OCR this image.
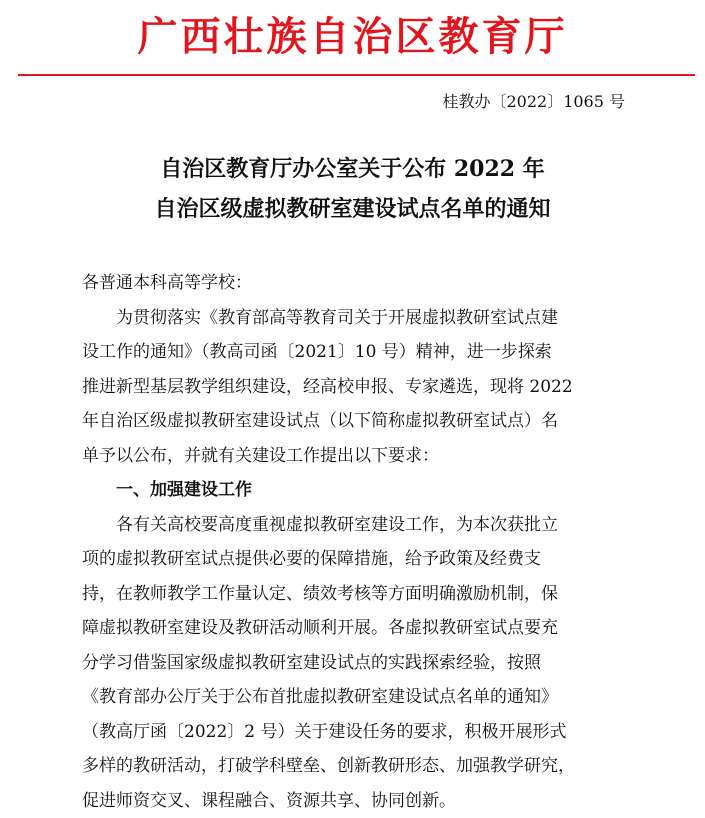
广西壮族自治区教育厅
桂教办〔2022〕1065 号
自治区教育厅办公室关于公布 2022 年
自治区级虚拟教研室建设试点名单的通知

各普通本科高等学校：

为贯彻落实《教育部高等教育司关于开展虚拟教研室试点建
设工作的通知》（教高司函〔2021〕10 号）精神，进一步探索
推进新型基层教学组织建设，经高校申报、专家遴选，现将 2022
年自治区级虚拟教研室建设试点（以下简称虚拟教研室试点）名
单予以公布，并就有关建设工作提出以下要求：

一、加强建设工作

各有关高校要高度重视虚拟教研室建设工作，为本次获批立
项的虚拟教研室试点提供必要的保障措施，给予政策及经费支
持，在教师教学工作量认定、绩效考核等方面明确激励机制，保
障虚拟教研室建设及教研活动顺利开展。各虚拟教研室试点要充
分学习借鉴国家级虚拟教研室建设试点的实践探索经验，按照
《教育部办公厅关于公布首批虚拟教研室建设试点名单的通知》
（教高厅函〔2022〕2 号）关于建设任务的要求，积极开展形式
多样的教研活动，打破学科壁垒、创新教研形态、加强教学研究，
促进师资交叉、课程融合、资源共享、协同创新。
